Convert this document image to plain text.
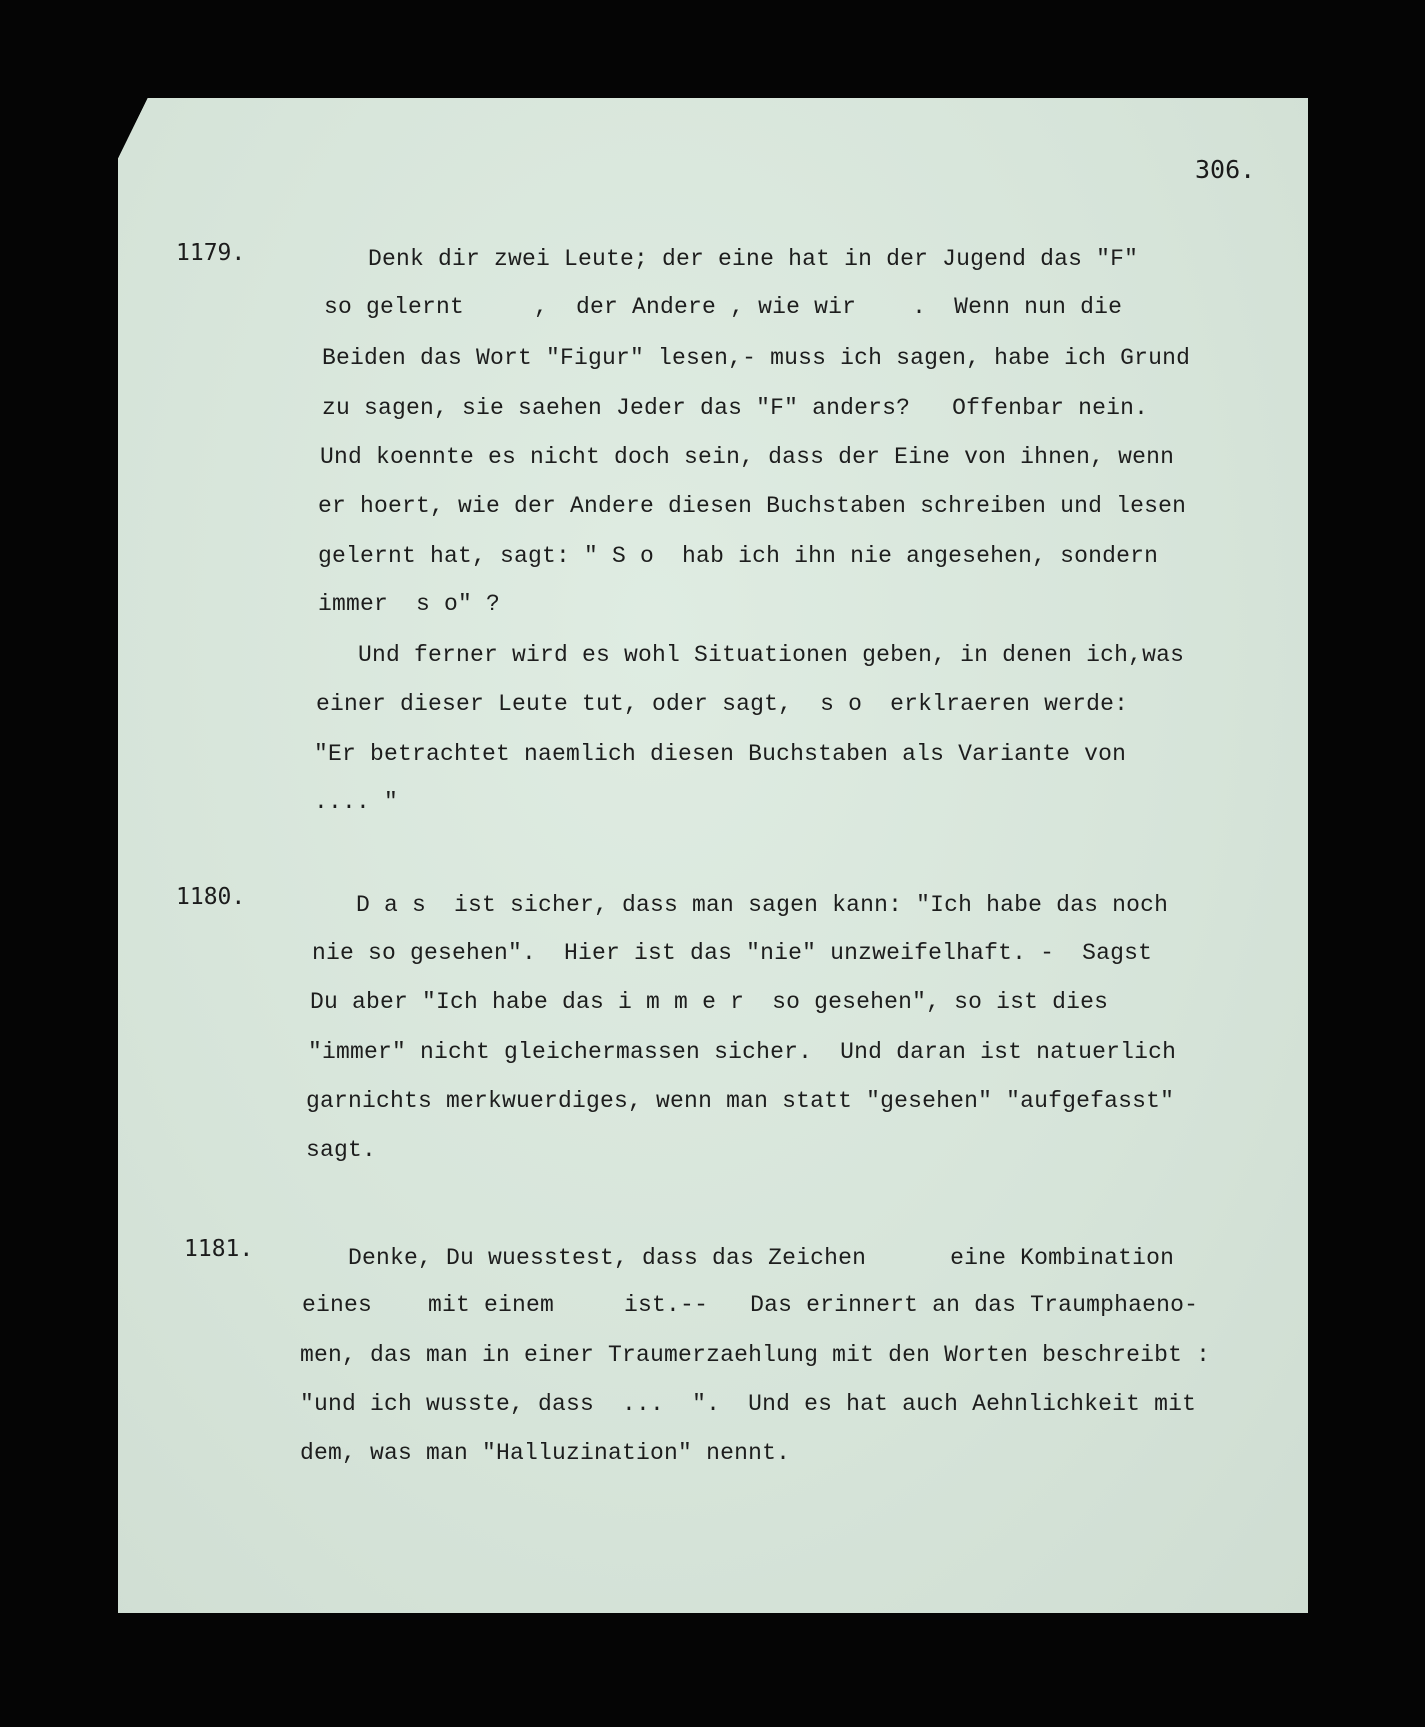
306.
1179.	Denk dir zwei Leute; der eine hat in der Jugend das "F"
so gelernt     ,  der Andere , wie wir    .  Wenn nun die
Beiden das Wort "Figur" lesen,- muss ich sagen, habe ich Grund
zu sagen, sie saehen Jeder das "F" anders?   Offenbar nein.
Und koennte es nicht doch sein, dass der Eine von ihnen, wenn
er hoert, wie der Andere diesen Buchstaben schreiben und lesen
gelernt hat, sagt: " S o  hab ich ihn nie angesehen, sondern
immer  s o" ?
Und ferner wird es wohl Situationen geben, in denen ich,was
einer dieser Leute tut, oder sagt,  s o  erklraeren werde:
"Er betrachtet naemlich diesen Buchstaben als Variante von
.... "
1180.	D a s  ist sicher, dass man sagen kann: "Ich habe das noch
nie so gesehen".  Hier ist das "nie" unzweifelhaft. -  Sagst
Du aber "Ich habe das i m m e r  so gesehen", so ist dies
"immer" nicht gleichermassen sicher.  Und daran ist natuerlich
garnichts merkwuerdiges, wenn man statt "gesehen" "aufgefasst"
sagt.
1181.	Denke, Du wuesstest, dass das Zeichen      eine Kombination
eines    mit einem     ist.--   Das erinnert an das Traumphaeno-
men, das man in einer Traumerzaehlung mit den Worten beschreibt :
"und ich wusste, dass  ...  ".  Und es hat auch Aehnlichkeit mit
dem, was man "Halluzination" nennt.
